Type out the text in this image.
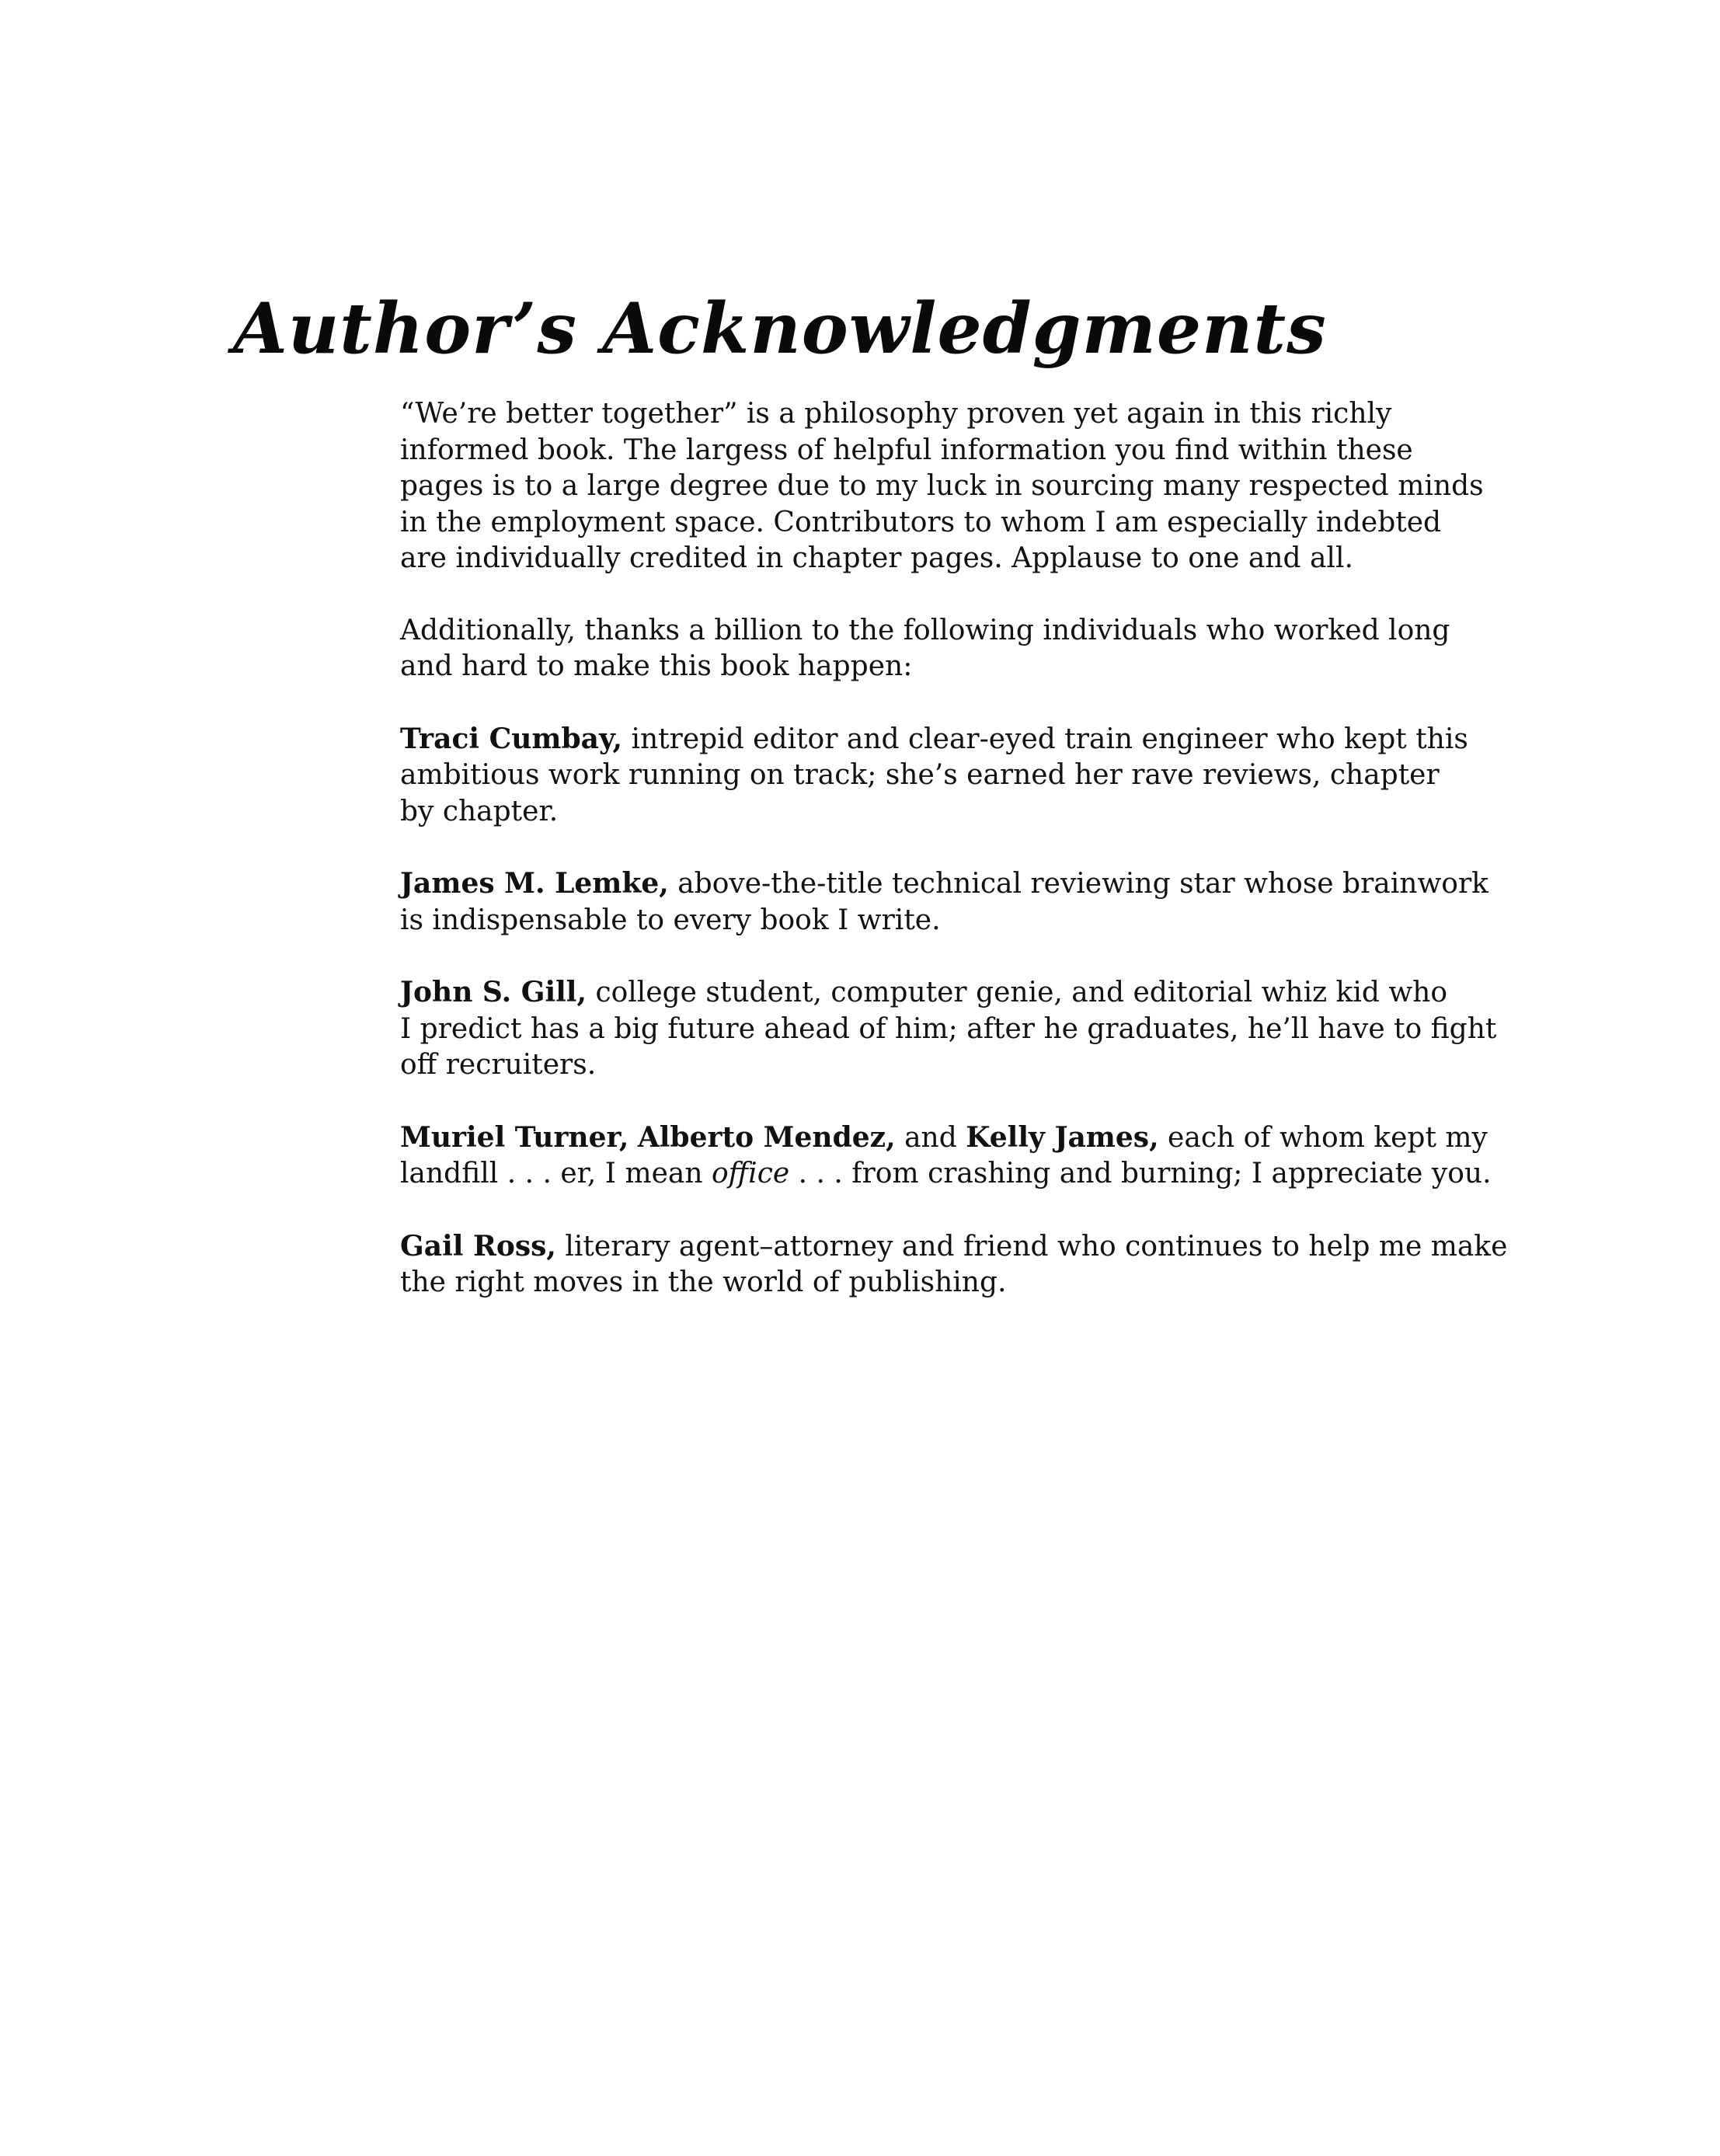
Author’s Acknowledgments

“We’re better together” is a philosophy proven yet again in this richly
informed book. The largess of helpful information you find within these
pages is to a large degree due to my luck in sourcing many respected minds
in the employment space. Contributors to whom I am especially indebted
are individually credited in chapter pages. Applause to one and all.

Additionally, thanks a billion to the following individuals who worked long
and hard to make this book happen:

Traci Cumbay, intrepid editor and clear-eyed train engineer who kept this
ambitious work running on track; she’s earned her rave reviews, chapter
by chapter.

James M. Lemke, above-the-title technical reviewing star whose brainwork
is indispensable to every book I write.

John S. Gill, college student, computer genie, and editorial whiz kid who
I predict has a big future ahead of him; after he graduates, he’ll have to fight
off recruiters.

Muriel Turner, Alberto Mendez, and Kelly James, each of whom kept my
landfill . . . er, I mean office . . . from crashing and burning; I appreciate you.

Gail Ross, literary agent–attorney and friend who continues to help me make
the right moves in the world of publishing.
